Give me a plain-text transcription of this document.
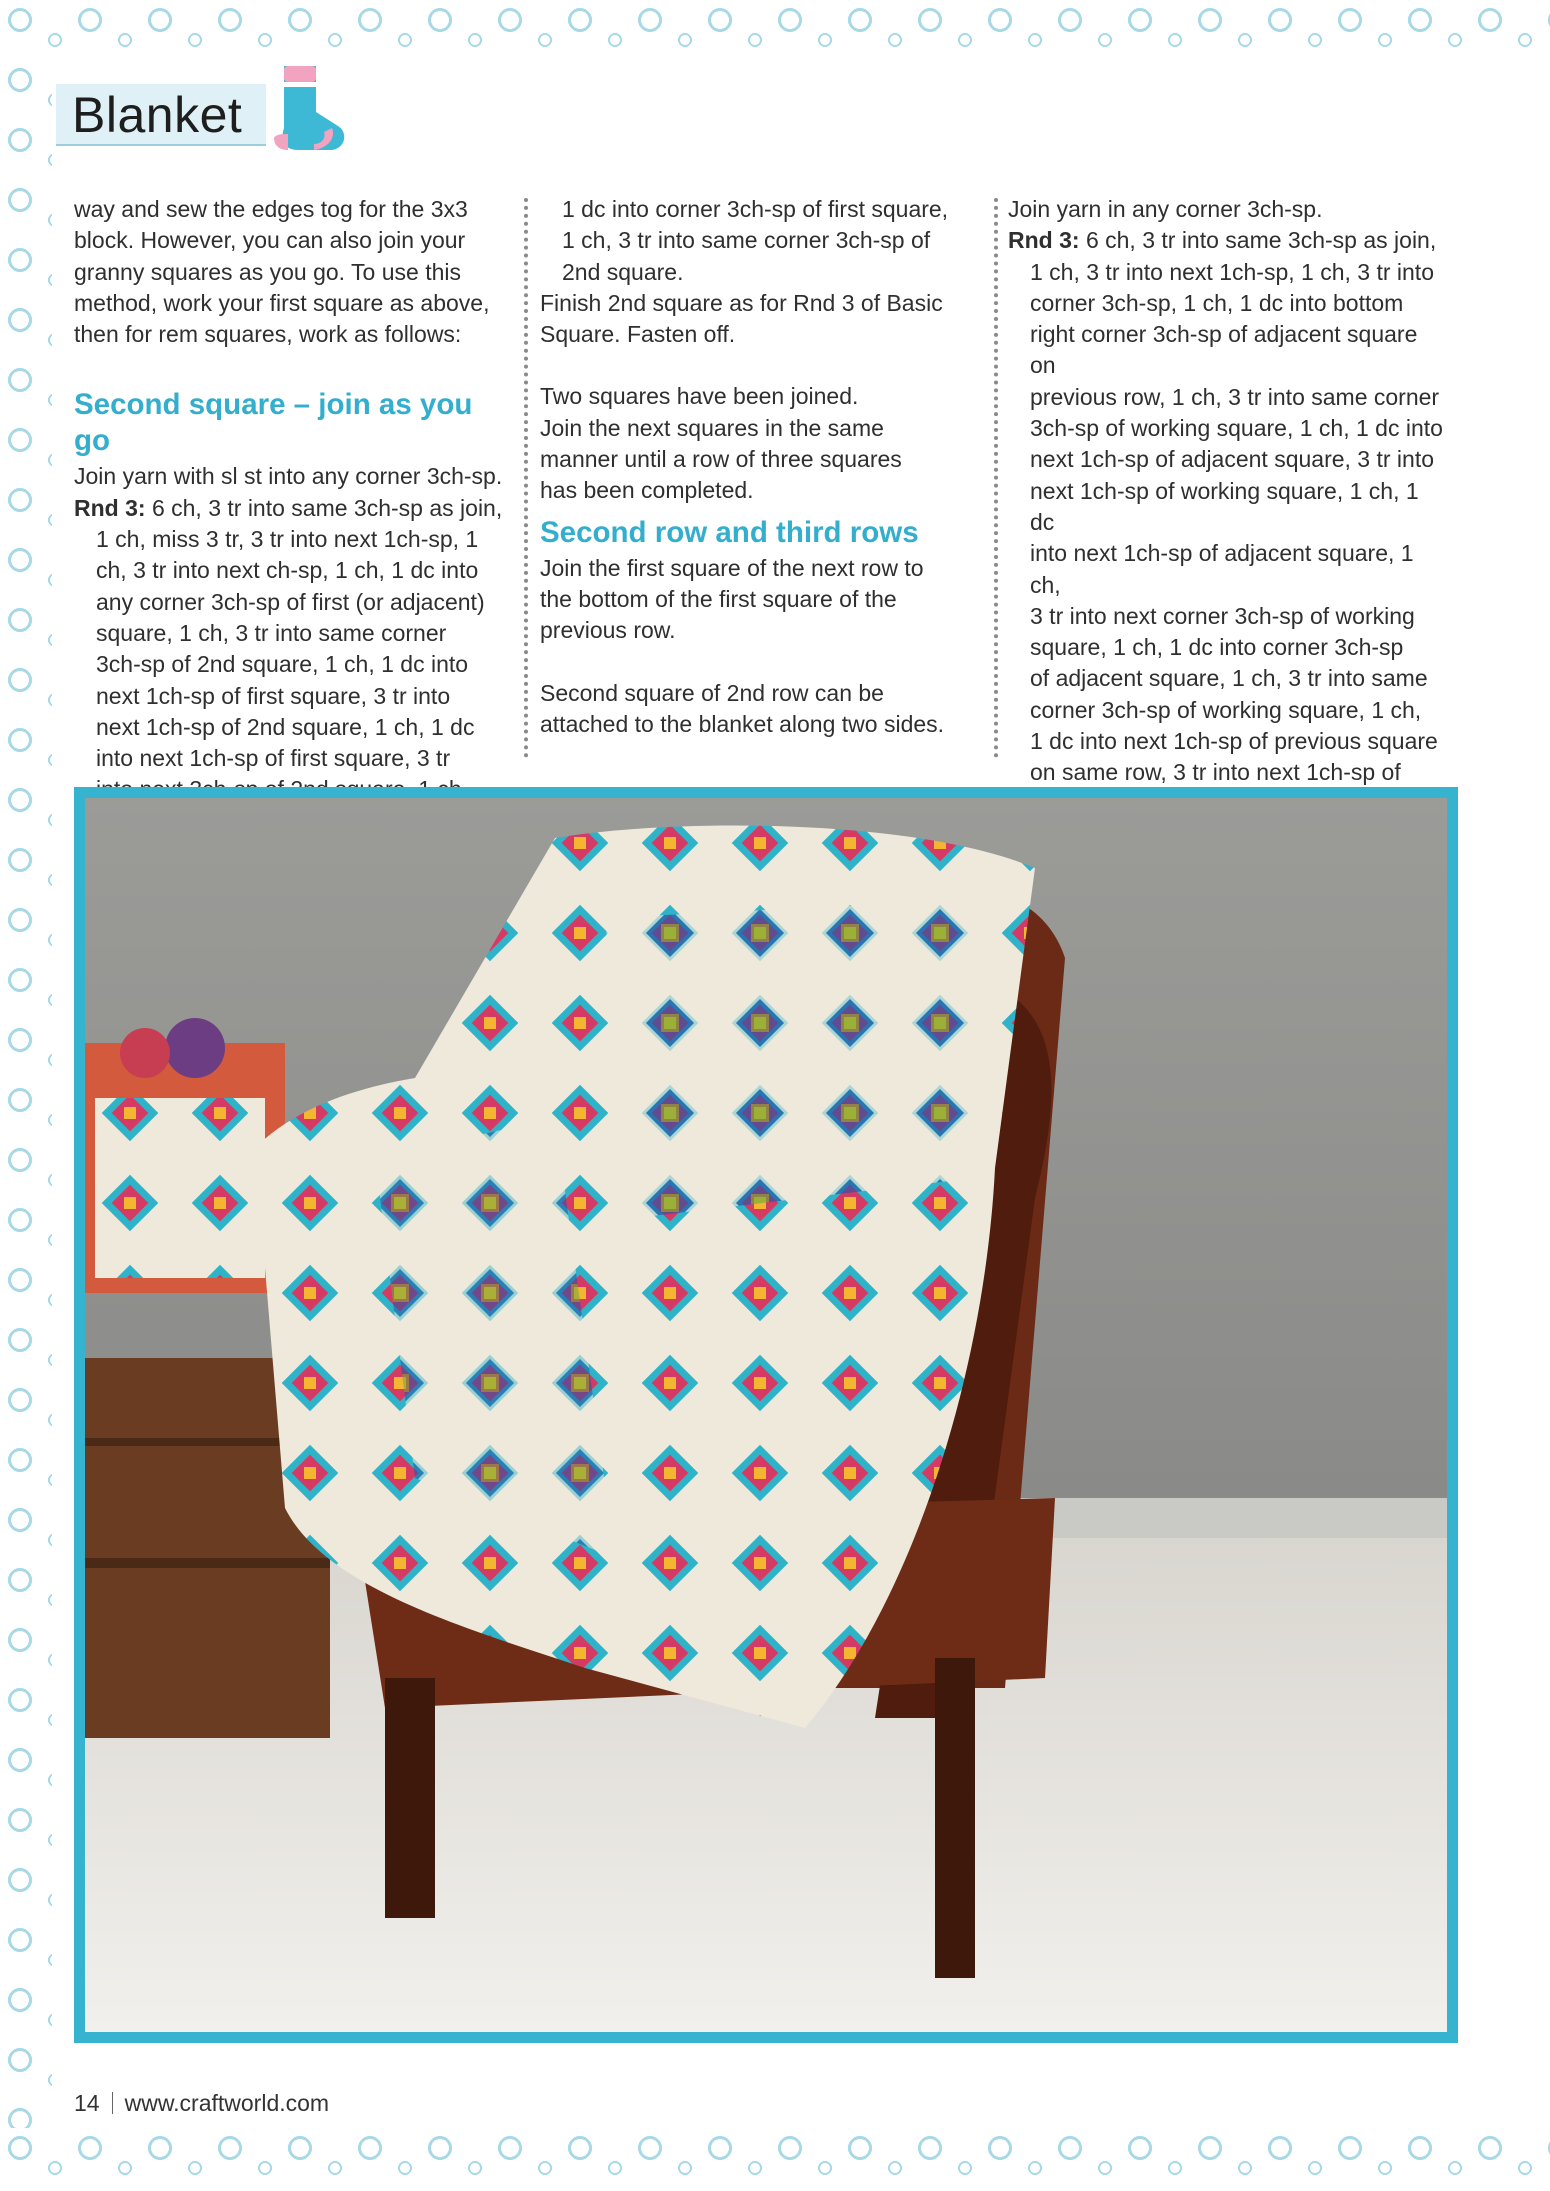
Blanket

way and sew the edges tog for the 3x3

block. However, you can also join your

granny squares as you go. To use this

method, work your first square as above,

then for rem squares, work as follows:

Second square – join as you go

Join yarn with sl st into any corner 3ch-sp.

Rnd 3: 6 ch, 3 tr into same 3ch-sp as join,

1 ch, miss 3 tr, 3 tr into next 1ch-sp, 1

ch, 3 tr into next ch-sp, 1 ch, 1 dc into

any corner 3ch-sp of first (or adjacent)

square, 1 ch, 3 tr into same corner

3ch-sp of 2nd square, 1 ch, 1 dc into

next 1ch-sp of first square, 3 tr into

next 1ch-sp of 2nd square, 1 ch, 1 dc

into next 1ch-sp of first square, 3 tr

1 dc into corner 3ch-sp of first square,

1 ch, 3 tr into same corner 3ch-sp of

2nd square.

Finish 2nd square as for Rnd 3 of Basic

Square. Fasten off.

Two squares have been joined.

Join the next squares in the same

manner until a row of three squares

has been completed.

Second row and third rows

Join the first square of the next row to

the bottom of the first square of the

previous row.

Second square of 2nd row can be

attached to the blanket along two sides.

Join yarn in any corner 3ch-sp.

Rnd 3: 6 ch, 3 tr into same 3ch-sp as join,

1 ch, 3 tr into next 1ch-sp, 1 ch, 3 tr into

corner 3ch-sp, 1 ch, 1 dc into bottom

right corner 3ch-sp of adjacent square on

previous row, 1 ch, 3 tr into same corner

3ch-sp of working square, 1 ch, 1 dc into

next 1ch-sp of adjacent square, 3 tr into

next 1ch-sp of working square, 1 ch, 1 dc

into next 1ch-sp of adjacent square, 1 ch,

3 tr into next corner 3ch-sp of working

square, 1 ch, 1 dc into corner 3ch-sp

of adjacent square, 1 ch, 3 tr into same

corner 3ch-sp of working square, 1 ch,

1 dc into next 1ch-sp of previous square

on same row, 3 tr into next 1ch-sp of

14 www.craftworld.com
